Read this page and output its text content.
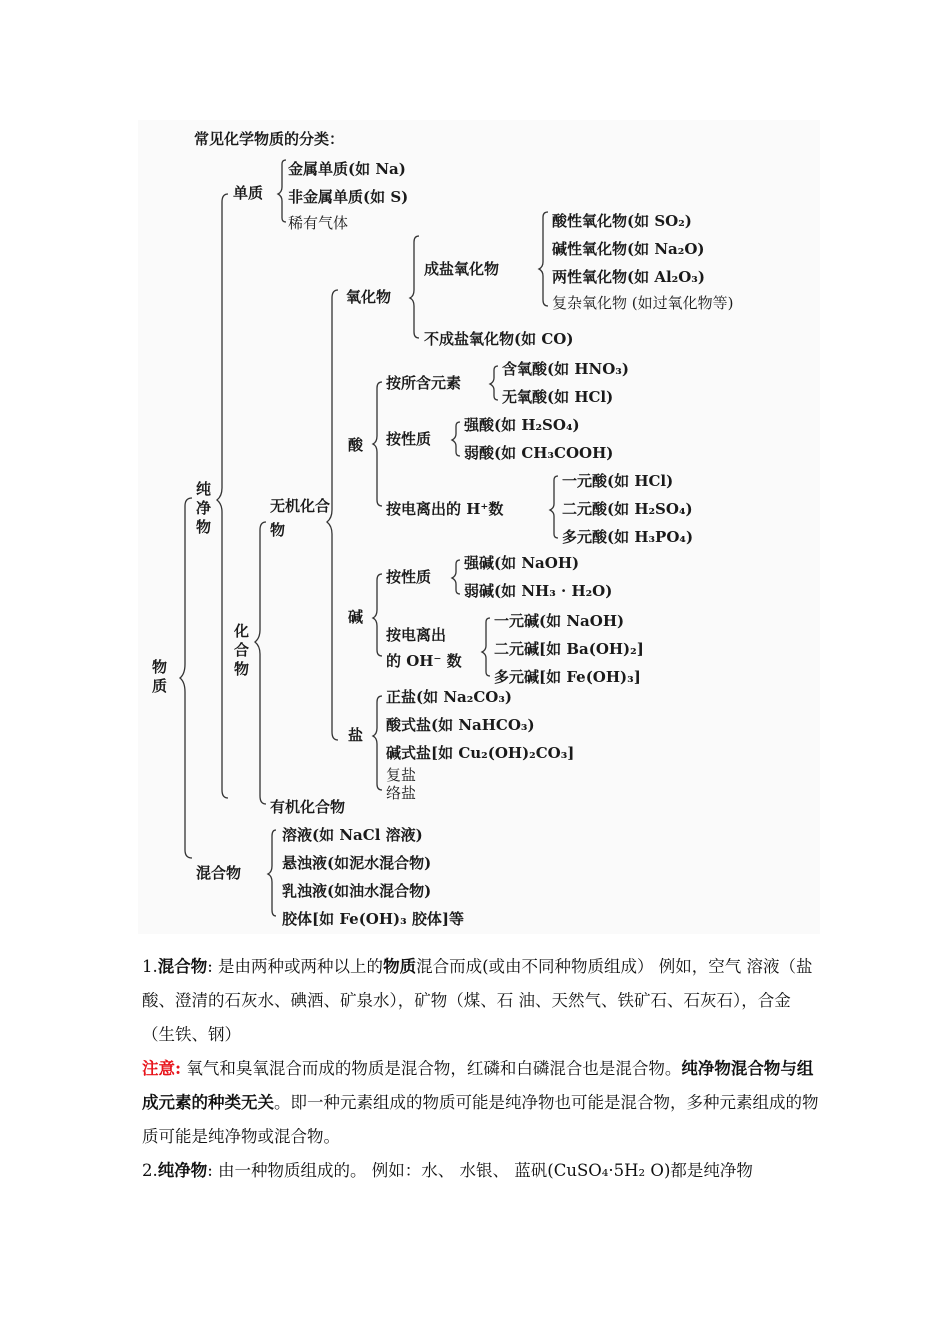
常见化学物质的分类：
物质
纯净物
混合物
单质
金属单质(如 Na)
非金属单质(如 S)
稀有气体
化合物
无机化合物
有机化合物
氧化物
成盐氧化物
酸性氧化物(如 SO₂)
碱性氧化物(如 Na₂O)
两性氧化物(如 Al₂O₃)
复杂氧化物 (如过氧化物等)
不成盐氧化物(如 CO)
酸
按所含元素
含氧酸(如 HNO₃)
无氧酸(如 HCl)
按性质
强酸(如 H₂SO₄)
弱酸(如 CH₃COOH)
按电离出的 H⁺数
一元酸(如 HCl)
二元酸(如 H₂SO₄)
多元酸(如 H₃PO₄)
碱
按性质
强碱(如 NaOH)
弱碱(如 NH₃ · H₂O)
按电离出
的 OH⁻ 数
一元碱(如 NaOH)
二元碱[如 Ba(OH)₂]
多元碱[如 Fe(OH)₃]
盐
正盐(如 Na₂CO₃)
酸式盐(如 NaHCO₃)
碱式盐[如 Cu₂(OH)₂CO₃]
复盐
络盐
溶液(如 NaCl 溶液)
悬浊液(如泥水混合物)
乳浊液(如油水混合物)
胶体[如 Fe(OH)₃ 胶体]等

1.混合物: 是由两种或两种以上的物质混合而成(或由不同种物质组成） 例如，空气 溶液（盐酸、澄清的石灰水、碘酒、矿泉水），矿物（煤、石 油、天然气、铁矿石、石灰石），合金（生铁、钢）

注意: 氧气和臭氧混合而成的物质是混合物，红磷和白磷混合也是混合物。纯净物混合物与组成元素的种类无关。即一种元素组成的物质可能是纯净物也可能是混合物，多种元素组成的物质可能是纯净物或混合物。

2.纯净物: 由一种物质组成的。 例如：水、 水银、 蓝矾(CuSO₄·5H₂ O)都是纯净物
